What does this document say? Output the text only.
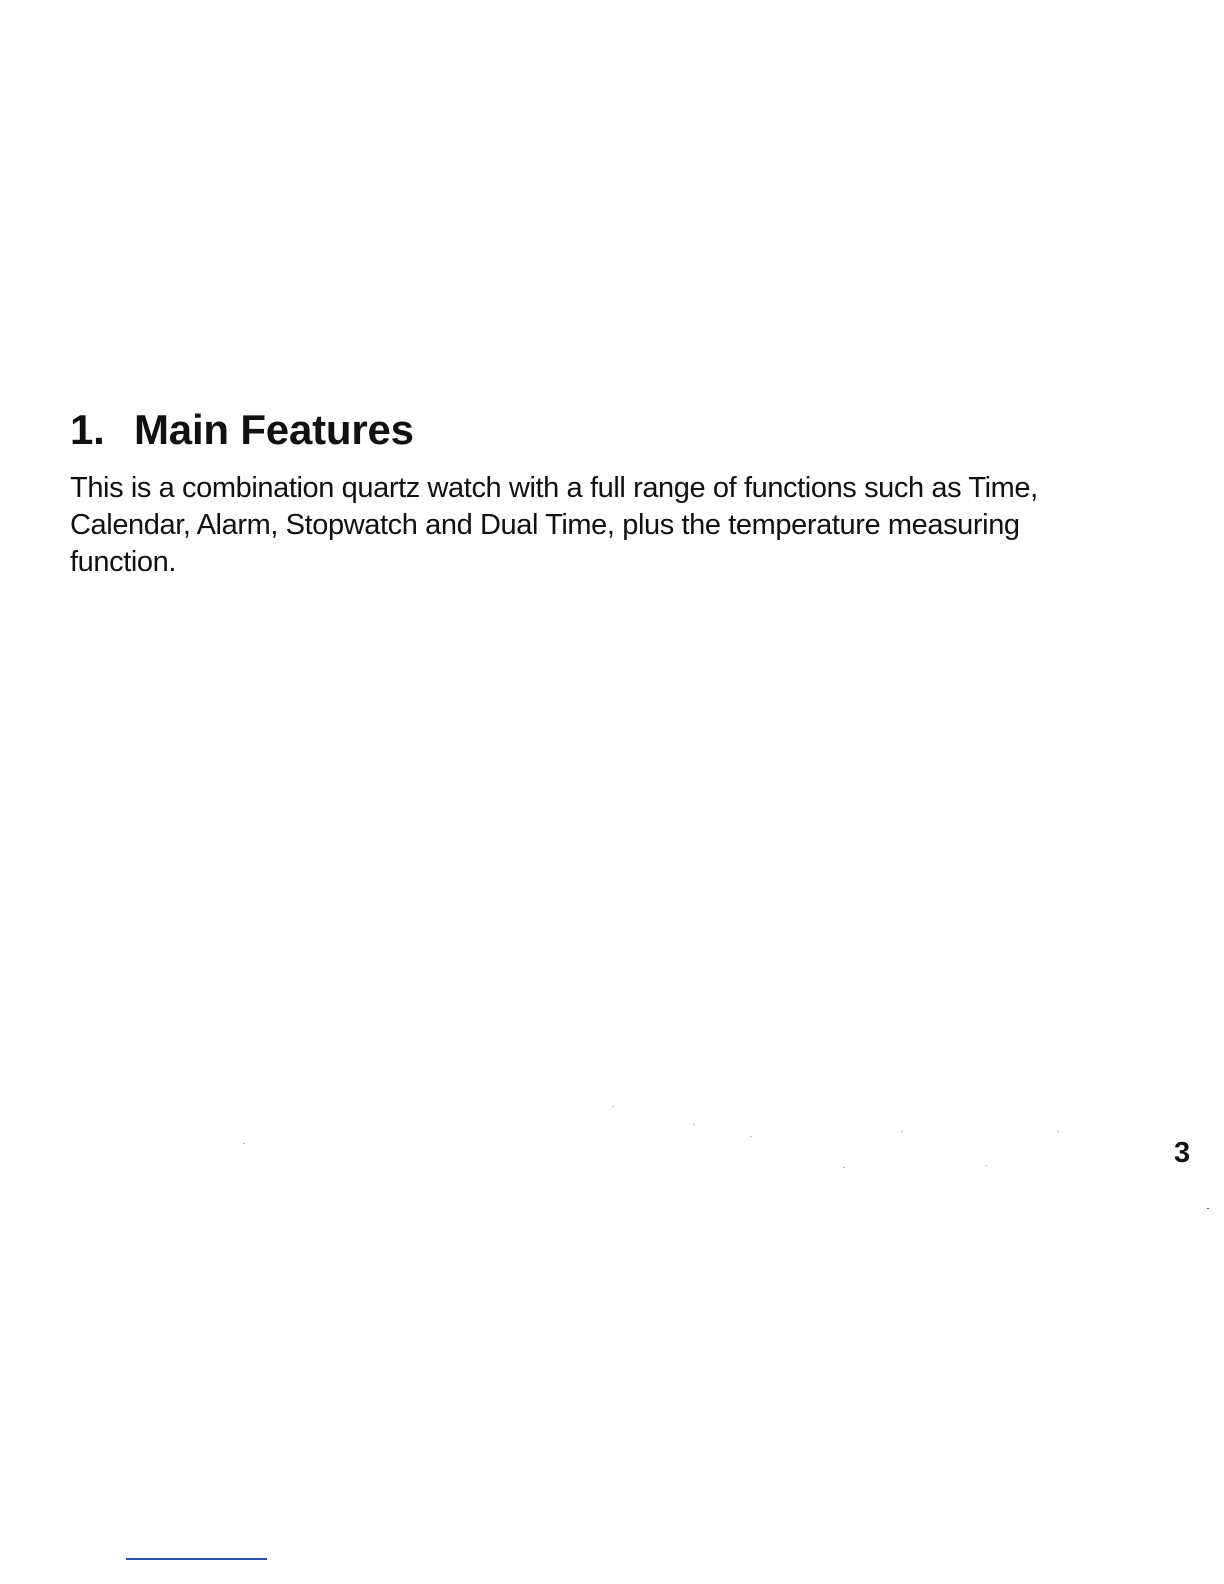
1. Main Features

This is a combination quartz watch with a full range of functions such as Time,
Calendar, Alarm, Stopwatch and Dual Time, plus the temperature measuring
function.

3
